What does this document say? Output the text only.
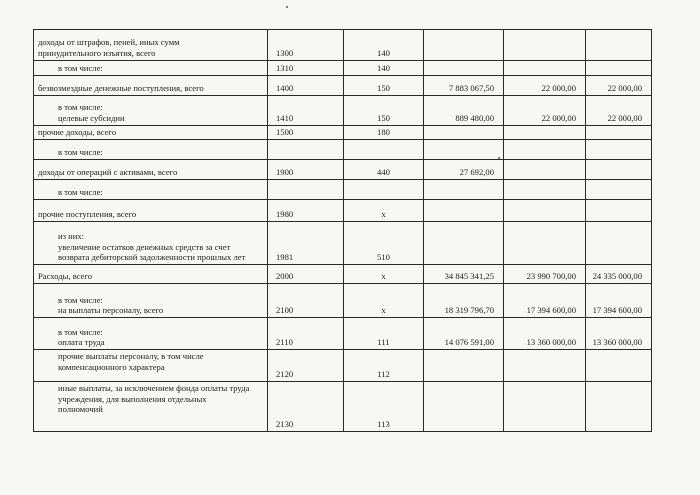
доходы от штрафов, пеней, иных сумм
принудительного изъятия, всего	1300	140			

в том числе:	1310	140			

безвозмездные денежные поступления, всего	1400	150	7 883 067,50	22 000,00	22 000,00

в том числе:
целевые субсидии	1410	150	889 480,00	22 000,00	22 000,00

прочие доходы, всего	1500	180			

в том числе:					

доходы от операций с активами, всего	1900	440	27 692,00		

в том числе:					

прочие поступления, всего	1980	x			

из них:
увеличение остатков денежных средств за счет
возврата дебиторской задолженности прошлых лет	1981	510			

Расходы, всего	2000	x	34 845 341,25	23 990 700,00	24 335 000,00

в том числе:
на выплаты персоналу, всего	2100	x	18 319 796,70	17 394 600,00	17 394 600,00

в том числе:
оплата труда	2110	111	14 076 591,00	13 360 000,00	13 360 000,00

прочие выплаты персоналу, в том числе
компенсационного характера	2120	112			

иные выплаты, за исключением фонда оплаты труда
учреждения, для выполнения отдельных
полномочий	2130	113			
